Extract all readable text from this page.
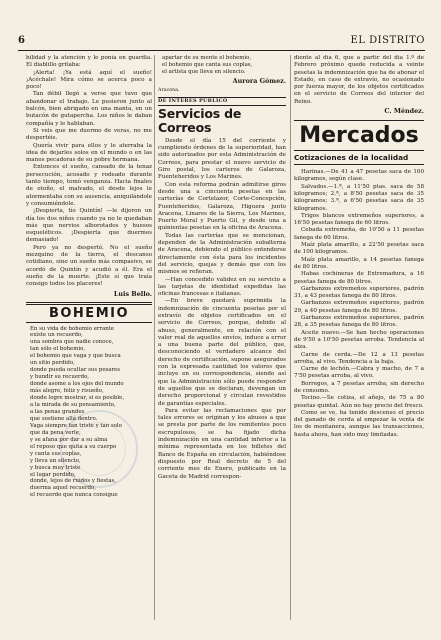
6	EL DISTRITO

bilidad y la atención y le ponía en guardia. El diablillo gritaba:

¡Alerta! ¡Ya está aquí el sueño! ¡Acéchale! Mira cómo se acerca poco a poco!

Tan débil llegó a verse que tuvo que abandonar el trabajo. Le pusieron junto al balcón, bien abrigado en una manta, en un butacón de gutapercha. Los niños le daban compañía y le hablaban.

Si veis que me duermo de veras, no me despertéis.

Quería vivir para ellos y le aterraba la idea de dejarles solos en el mundo o en las manos pecadoras de su pobre hermana.

Entonces el sueño, cansado de la tenaz persecución, acosado y rodeado durante tanto tiempo, tomó venganza. Hacia finales de otoño, el malvado, el desde lejos le atormentaba con su ausencia, aniquilándole y consumiéndole.

¡Despierta, tío Quintín! —le dijeron un día los dos niños cuando ya no le quedaban más que nervios alborotados y huesos esqueléticos. ¡Despierta que duermes demasiado!

Pero ya no despertó. No el sueño mezquino de la tierra, el descanso cotidiano, sino un sueño más compasivo, se acordó de Quintín y acudió a él. Era el sueño de la muerte. ¡Este sí que traía consigo todos los placeres!

Luis Bello.
BOHEMIO

En su vida de bohemio errante

existe un recuerdo,

una sombra que nadie conoce,

tan sólo el bohemio,

el bohemio que vaga y que busca

un sitio perdido,

donde pueda ocultar sus pesares

y hundir su recuerdo,

donde asome a los ojos del mundo

más alegre, feliz y risueño,

donde logre mostrar, si es posible,

a la mirada de su pensamiento,

a las penas grandes

que sostiene allá dentro.

Vaga siempre tan triste y tan solo

que da pena verle,

y se afana por dar a su alma

el reposo que quita a su cuerpo

y canta sus coplas,

y lleva un silencio,

y busca muy triste

el lugar perdido,

donde, lejos de ruidos y fiestas,

duerma aquel recuerdo,

el recuerdo que nunca consigue

apartar de su mente el bohemio,

el bohemio que canta sus coplas,

el artista que lleva en silencio.

Aurora Gómez.
Aracena.
DE INTERES PUBLICO
Servicios de Correos

Desde el día 15 del corriente y cumpliendo órdenes de la superioridad, han sido autorizados por esta Administración de Correos, para prestar el nuevo servicio de Giro postal, los carteros de Galaroza, Fuenteheridos y Los Marines.

Con esta reforma podrán admitirse giros desde una a cincuenta pesetas en las carterías de Cortelazor, Corte-Concepción, Fuenteheridos, Galaroza, Higuera junto Aracena, Linares de la Sierra, Los Marines, Puerto Moral y Puerto Gil, y desde una a quinientas pesetas en la oficina de Aracena.

Todas las carterías que se mencionan, dependen de la Administración subalterna de Aracena, debiendo el público entenderse directamente con ésta para los incidentes del servicio, quejas y demás que con los mismos se refieran.

—Han concedido validez en su servicio a las tarjetas de identidad expedidas las oficinas francesas e italianas.

—En breve quedará suprimida la indemnización de cincuenta pesetas por el extravío de objetos certificados en el servicio de Correos, porque, debido al abuso, generalmente, en relación con el valor real de aquellos envíos, induce a error a una buena parte del público, que, desconociendo el verdadero alcance del derecho de certificación, supone asegurados con la expresada cantidad los valores que incluye en su correspondencia, siendo así que la Administración sólo puede responder de aquellos que se declaran, devengan un derecho proporcional y circulan revestidos de garantías especiales.

Para evitar las reclamaciones que por tales errores se originan y los abusos a que se presta por parte de los remitentes poco escrupulosos, se ha fijado dicha indemnización en una cantidad inferior a la mínima representada en los billetes del Banco de España en circulación, habiéndose dispuesto por Real decreto de 5 del corriente mes de Enero, publicado en la Gaceta de Madrid correspon-

diente al día 6, que a partir del día 1.º de Febrero próximo quede reducida a veinte pesetas la indemnización que ha de abonar el Estado, en caso de extravío, no ocasionado por fuerza mayor, de los objetos certificados en el servicio de Correos del interior del Reino.

C. Méndez.
Mercados
Cotizaciones de la localidad

Harinas.—De 41 a 47 pesetas saca de 100 kilogramos, según clase.

Salvados.—1.ª, a 11'50 ptas. saca de 58 kilogramos; 2.ª, a 8'50 pesetas saca de 35 kilogramos; 3.ª, a 6'50 pesetas saca de 35 kilogramos.

Trigos blancos extremeños superiores, a 16'50 pesetas fanega de 60 litros.

Cebada extremeña, de 10'50 a 11 pesetas fanega de 60 litros.

Maíz plata amarillo, a 22'50 pesetas saca de 100 kilogramos.

Maíz plata amarillo, a 14 pesetas fanega de 80 litros.

Habas cochineras de Extremadura, a 16 pesetas fanega de 80 litros.

Garbanzos extremeños superiores, padrón 31, a 43 pesetas fanega de 80 litros.

Garbanzos extremeños superiores, padrón 29, a 40 pesetas fanega de 80 litros.

Garbanzos extremeños superiores, padrón 28, a 35 pesetas fanega de 80 litros.

Aceite nuevo.—Se han hecho operaciones de 9'50 a 10'50 pesetas arroba. Tendencia al alza.

Carne de cerda.—De 12 a 13 pesetas arroba, al vivo. Tendencia a la baja.

Carne de lechón.—Cabra y macho, de 7 a 7'50 pesetas arroba, al vivo.

Borregos, a 7 pesetas arroba, sin derecho de consumo.

Tocino.—Se cotiza, el añejo, de 75 a 80 pesetas quintal. Aún no hay precio del fresco.

Como se ve, ha tenido descenso el precio del ganado de cerda al empezar la venta de los de montanera, aunque las transacciones, hasta ahora, han sido muy limitadas.
